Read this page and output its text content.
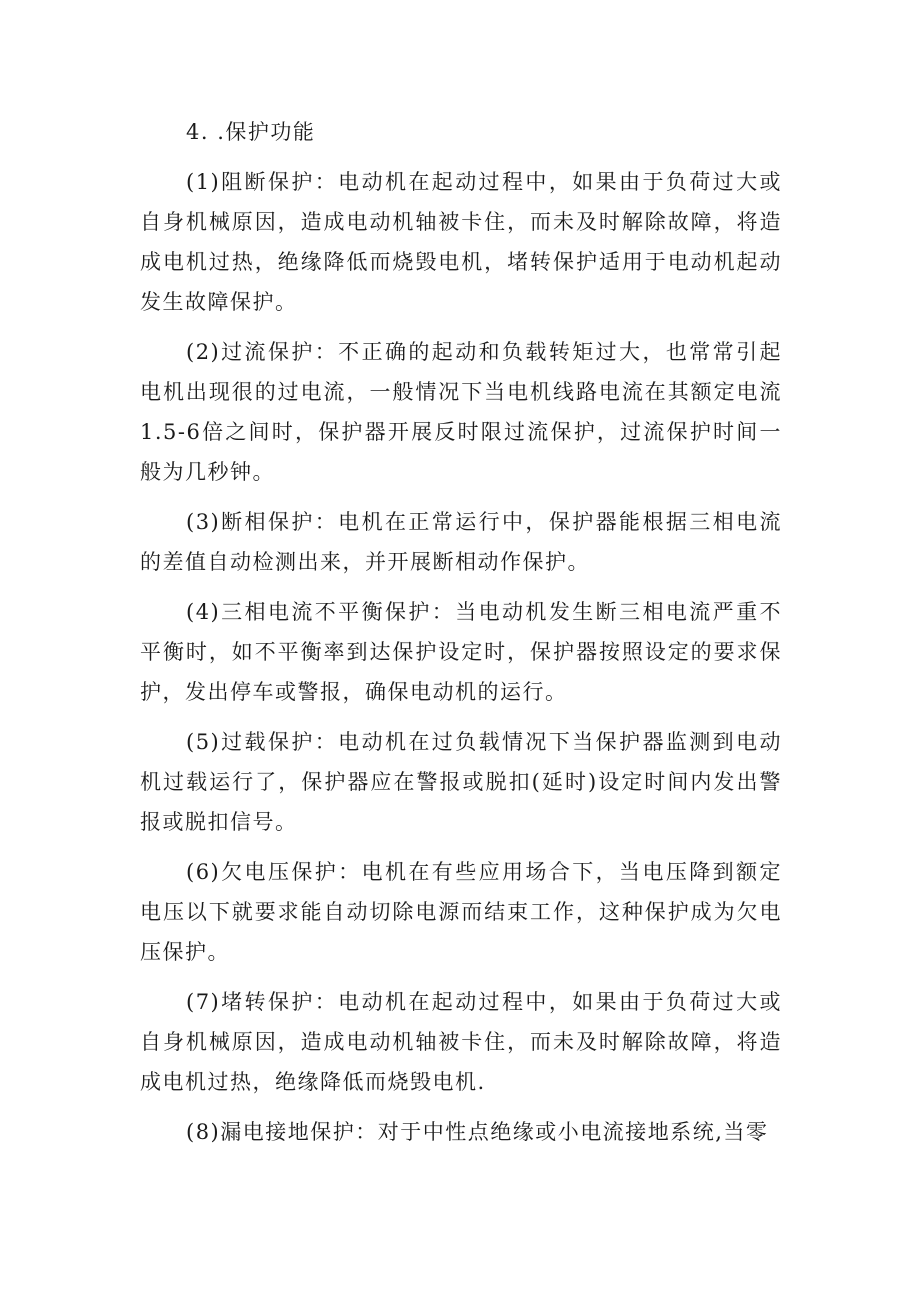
4. .保护功能

(1)阻断保护：电动机在起动过程中，如果由于负荷过大或自身机械原因，造成电动机轴被卡住，而未及时解除故障，将造成电机过热，绝缘降低而烧毁电机，堵转保护适用于电动机起动发生故障保护。

(2)过流保护：不正确的起动和负载转矩过大，也常常引起电机出现很的过电流，一般情况下当电机线路电流在其额定电流1.5-6倍之间时，保护器开展反时限过流保护，过流保护时间一般为几秒钟。

(3)断相保护：电机在正常运行中，保护器能根据三相电流的差值自动检测出来，并开展断相动作保护。

(4)三相电流不平衡保护：当电动机发生断三相电流严重不平衡时，如不平衡率到达保护设定时，保护器按照设定的要求保护，发出停车或警报，确保电动机的运行。

(5)过载保护：电动机在过负载情况下当保护器监测到电动机过载运行了，保护器应在警报或脱扣(延时)设定时间内发出警报或脱扣信号。

(6)欠电压保护：电机在有些应用场合下，当电压降到额定电压以下就要求能自动切除电源而结束工作，这种保护成为欠电压保护。

(7)堵转保护：电动机在起动过程中，如果由于负荷过大或自身机械原因，造成电动机轴被卡住，而未及时解除故障，将造成电机过热，绝缘降低而烧毁电机.

(8)漏电接地保护：对于中性点绝缘或小电流接地系统,当零
